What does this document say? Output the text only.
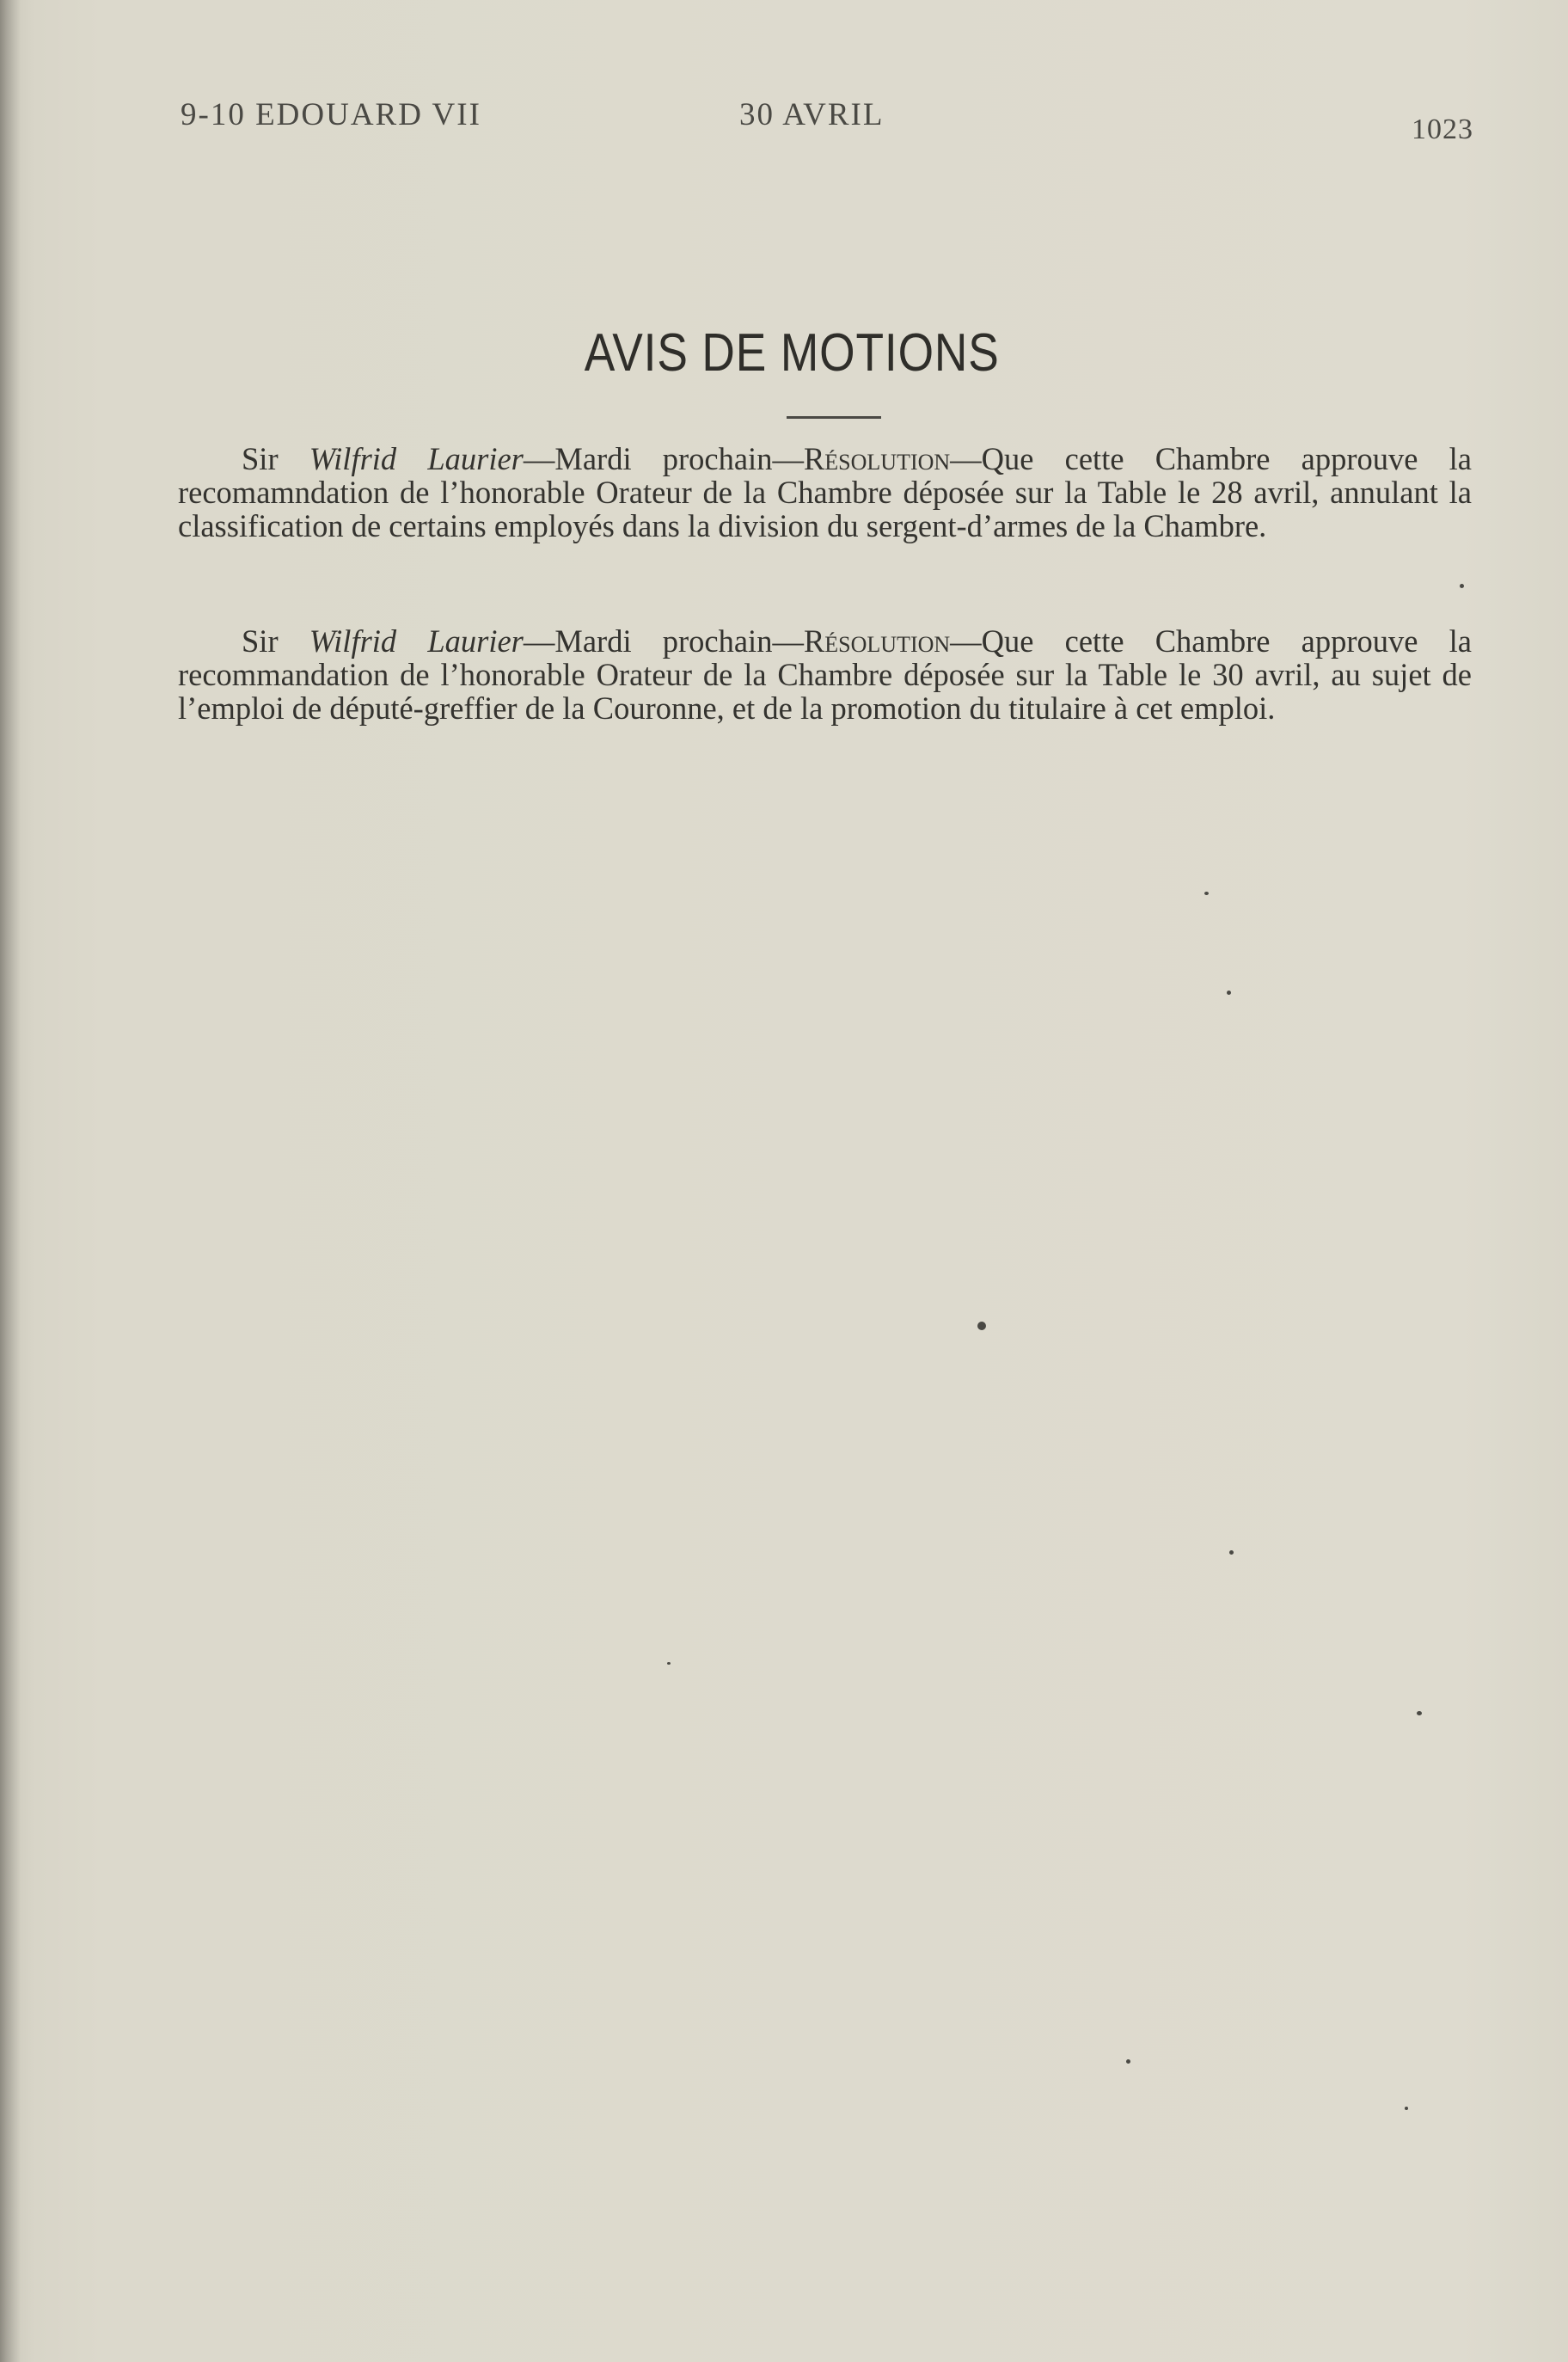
9-10 EDOUARD VII	30 AVRIL	1023
AVIS DE MOTIONS

Sir Wilfrid Laurier—Mardi prochain—Résolution—Que cette Chambre approuve la recomamndation de l’honorable Orateur de la Chambre déposée sur la Table le 28 avril, annulant la classification de certains employés dans la division du sergent-d’armes de la Chambre.

Sir Wilfrid Laurier—Mardi prochain—Résolution—Que cette Chambre approuve la recommandation de l’honorable Orateur de la Chambre déposée sur la Table le 30 avril, au sujet de l’emploi de député-greffier de la Couronne, et de la promotion du titulaire à cet emploi.
